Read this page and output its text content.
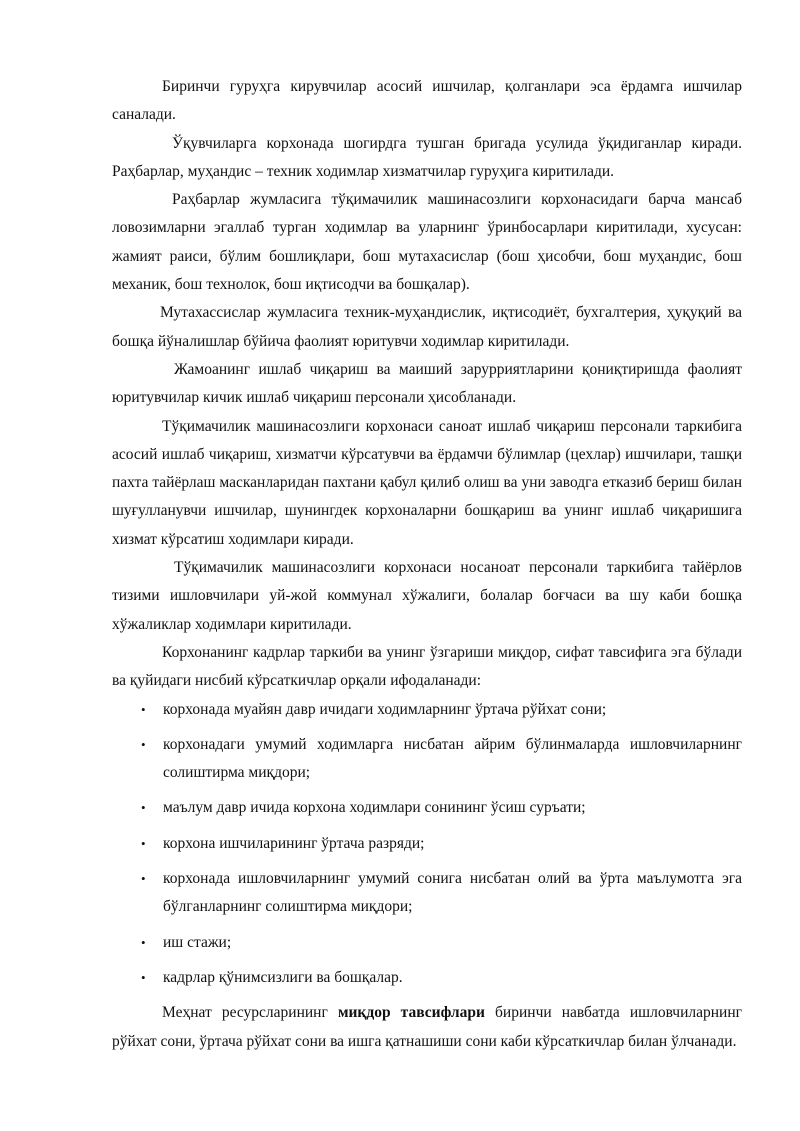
Биринчи гуруҳга кирувчилар асосий ишчилар, қолганлари эса ёрдамга ишчилар саналади.

Ўқувчиларга корхонада шогирдга тушган бригада усулида ўқидиганлар киради. Раҳбарлар, муҳандис – техник ходимлар хизматчилар гуруҳига киритилади.

Раҳбарлар жумласига тўқимачилик машинасозлиги корхонасидаги барча мансаб ловозимларни эгаллаб турган ходимлар ва уларнинг ўринбосарлари киритилади, хусусан: жамият раиси, бўлим бошлиқлари, бош мутахасислар (бош ҳисобчи, бош муҳандис, бош механик, бош технолок, бош иқтисодчи ва бошқалар).

Мутахассислар жумласига техник-муҳандислик, иқтисодиёт, бухгалтерия, ҳуқуқий ва бошқа йўналишлар бўйича фаолият юритувчи ходимлар киритилади.

Жамоанинг ишлаб чиқариш ва маиший зарурриятларини қониқтиришда фаолият юритувчилар кичик ишлаб чиқариш персонали ҳисобланади.

Тўқимачилик машинасозлиги корхонаси саноат ишлаб чиқариш персонали таркибига асосий ишлаб чиқариш, хизматчи кўрсатувчи ва ёрдамчи бўлимлар (цехлар) ишчилари, ташқи пахта тайёрлаш масканларидан пахтани қабул қилиб олиш ва уни заводга етказиб бериш билан шуғулланувчи ишчилар, шунингдек корхоналарни бошқариш ва унинг ишлаб чиқаришига хизмат кўрсатиш ходимлари киради.

Тўқимачилик машинасозлиги корхонаси носаноат персонали таркибига тайёрлов тизими ишловчилари уй-жой коммунал хўжалиги, болалар боғчаси ва шу каби бошқа хўжаликлар ходимлари киритилади.

Корхонанинг кадрлар таркиби ва унинг ўзгариши миқдор, сифат тавсифига эга бўлади ва қуйидаги нисбий кўрсаткичлар орқали ифодаланади:

• корхонада муайян давр ичидаги ходимларнинг ўртача рўйхат сони;
• корхонадаги умумий ходимларга нисбатан айрим бўлинмаларда ишловчиларнинг солиштирма миқдори;
• маълум давр ичида корхона ходимлари сонининг ўсиш суръати;
• корхона ишчиларининг ўртача разряди;
• корхонада ишловчиларнинг умумий сонига нисбатан олий ва ўрта маълумотга эга бўлганларнинг солиштирма миқдори;
• иш стажи;
• кадрлар қўнимсизлиги ва бошқалар.

Меҳнат ресурсларининг миқдор тавсифлари биринчи навбатда ишловчиларнинг рўйхат сони, ўртача рўйхат сони ва ишга қатнашиши сони каби кўрсаткичлар билан ўлчанади.
